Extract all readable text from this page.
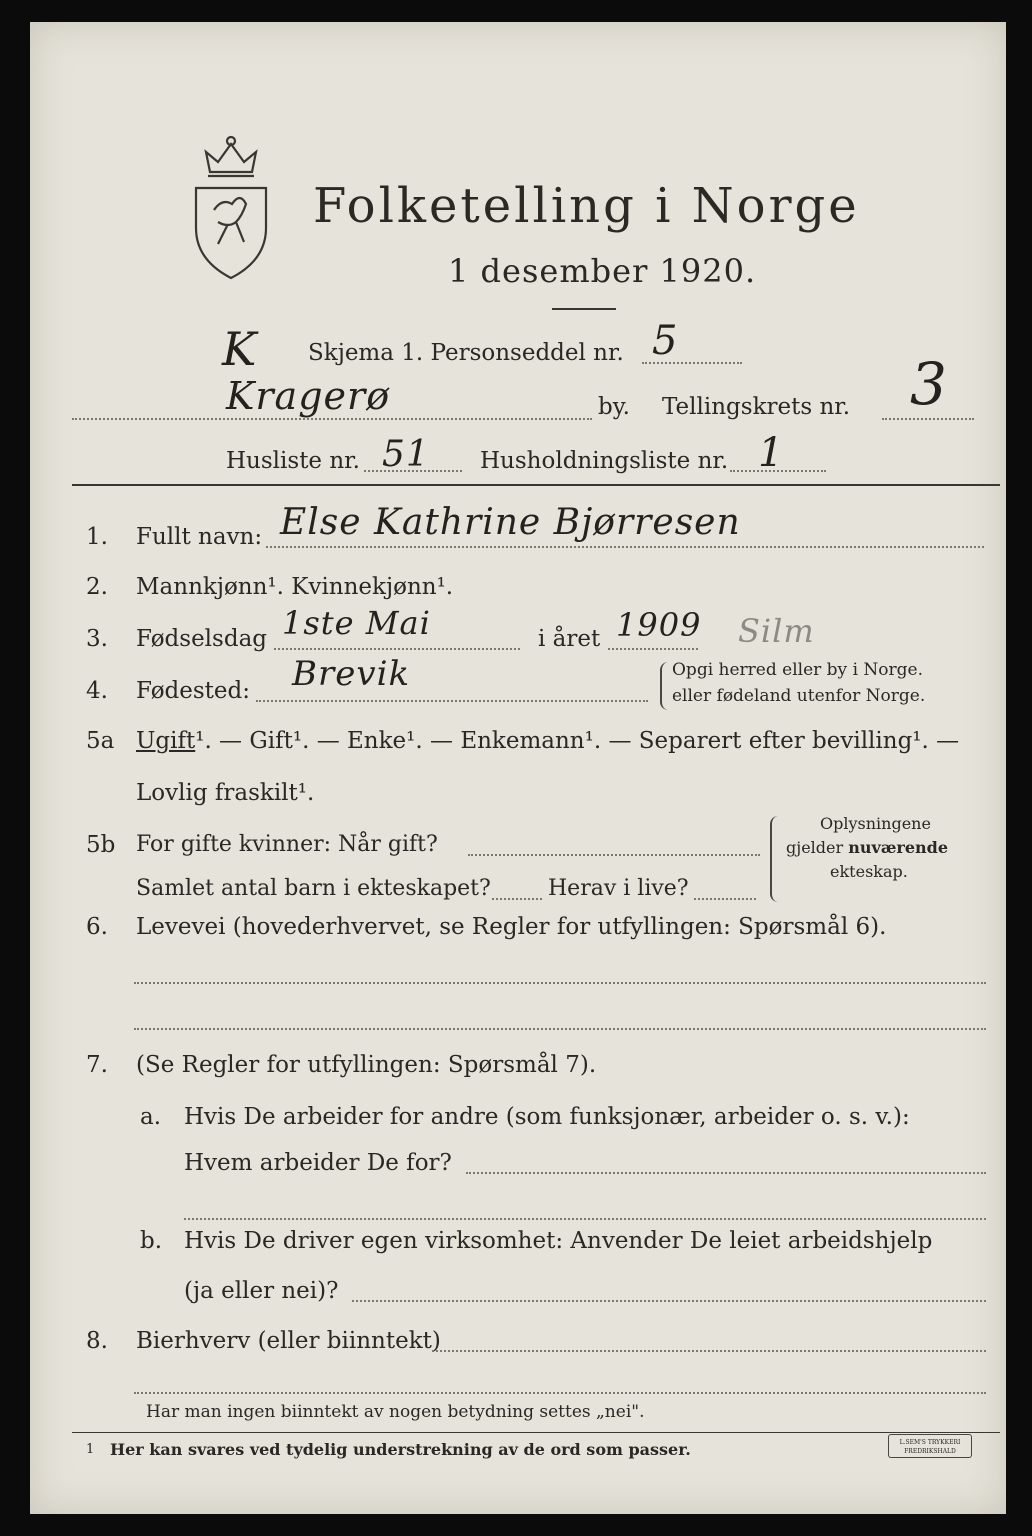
Folketelling i Norge
1 desember 1920.
K Skjema 1. Personseddel nr. 5
Kragerø	by. Tellingskrets nr. 3
Husliste nr. 51 Husholdningsliste nr. 1
1. Fullt navn: Else Kathrine Bjørresen
2. Mannkjønn¹. Kvinnekjønn¹.
3. Fødselsdag 1ste Mai	i året 1909 Silm
4. Fødested: Brevik	Opgi herred eller by i Norge.
eller fødeland utenfor Norge.
5a Ugift¹. — Gift¹. — Enke¹. — Enkemann¹. — Separert efter bevilling¹. —
Lovlig fraskilt¹.
5b For gifte kvinner: Når gift?
Samlet antal barn i ekteskapet?	Herav i live?
Oplysningene
gjelder nuværende
ekteskap.
6. Levevei (hovederhvervet, se Regler for utfyllingen: Spørsmål 6).
7. (Se Regler for utfyllingen: Spørsmål 7).
a. Hvis De arbeider for andre (som funksjonær, arbeider o. s. v.):
Hvem arbeider De for?
b. Hvis De driver egen virksomhet: Anvender De leiet arbeidshjelp
(ja eller nei)?
8. Bierhverv (eller biinntekt)
Har man ingen biinntekt av nogen betydning settes „nei".
1 Her kan svares ved tydelig understrekning av de ord som passer.	L.SEM'S TRYKKERI
FREDRIKSHALD
